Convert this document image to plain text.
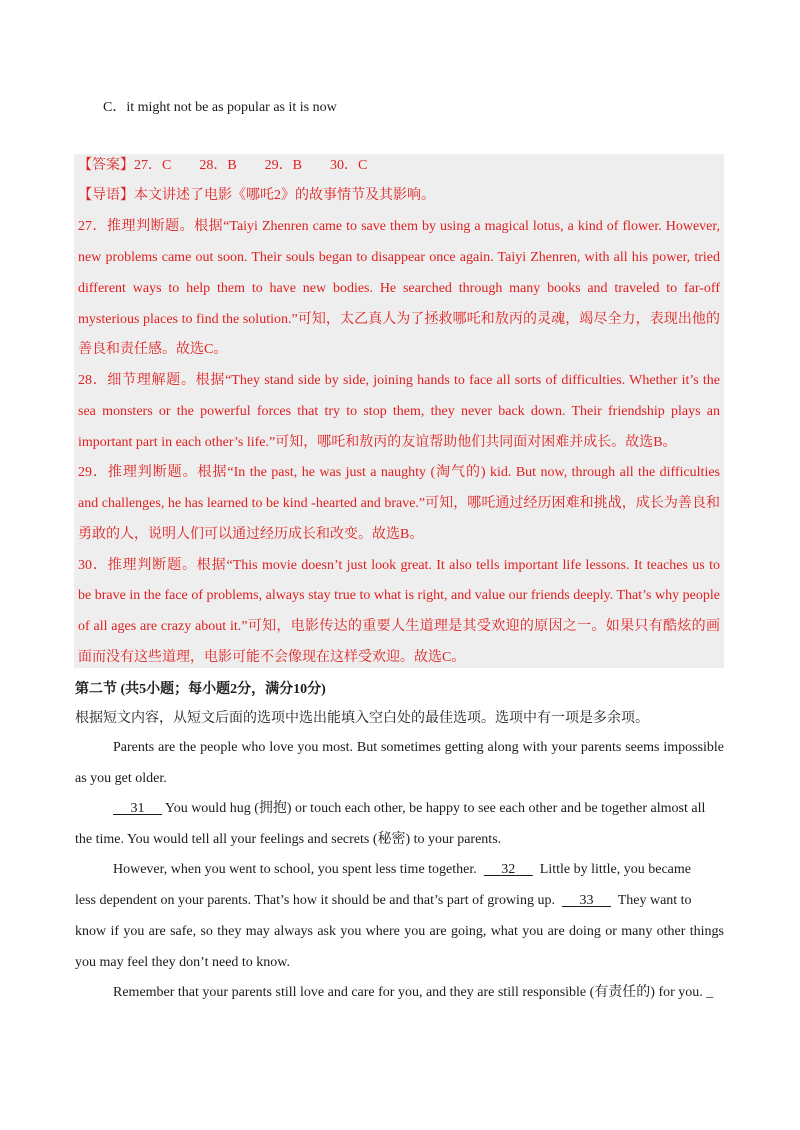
C．it might not be as popular as it is now
【答案】27．C　　28．B　　29．B　　30．C
【导语】本文讲述了电影《哪吒2》的故事情节及其影响。
27．推理判断题。根据“Taiyi Zhenren came to save them by using a magical lotus, a kind of flower. However,
new problems came out soon. Their souls began to disappear once again. Taiyi Zhenren, with all his power, tried
different ways to help them to have new bodies. He searched through many books and traveled to far-off
mysterious places to find the solution.”可知，太乙真人为了拯救哪吒和敖丙的灵魂，竭尽全力，表现出他的
善良和责任感。故选C。
28．细节理解题。根据“They stand side by side, joining hands to face all sorts of difficulties. Whether it’s the
sea monsters or the powerful forces that try to stop them, they never back down. Their friendship plays an
important part in each other’s life.”可知，哪吒和敖丙的友谊帮助他们共同面对困难并成长。故选B。
29．推理判断题。根据“In the past, he was just a naughty (淘气的) kid. But now, through all the difficulties
and challenges, he has learned to be kind -hearted and brave.”可知，哪吒通过经历困难和挑战，成长为善良和
勇敢的人，说明人们可以通过经历成长和改变。故选B。
30．推理判断题。根据“This movie doesn’t just look great. It also tells important life lessons. It teaches us to
be brave in the face of problems, always stay true to what is right, and value our friends deeply. That’s why people
of all ages are crazy about it.”可知，电影传达的重要人生道理是其受欢迎的原因之一。如果只有酷炫的画
面而没有这些道理，电影可能不会像现在这样受欢迎。故选C。
第二节 (共5小题；每小题2分，满分10分)
根据短文内容，从短文后面的选项中选出能填入空白处的最佳选项。选项中有一项是多余项。
Parents are the people who love you most. But sometimes getting along with your parents seems impossible
as you get older.
31 You would hug (拥抱) or touch each other, be happy to see each other and be together almost all
the time. You would tell all your feelings and secrets (秘密) to your parents.
However, when you went to school, you spent less time together. 32 Little by little, you became
less dependent on your parents. That’s how it should be and that’s part of growing up. 33 They want to
know if you are safe, so they may always ask you where you are going, what you are doing or many other things
you may feel they don’t need to know.
Remember that your parents still love and care for you, and they are still responsible (有责任的) for you. _
